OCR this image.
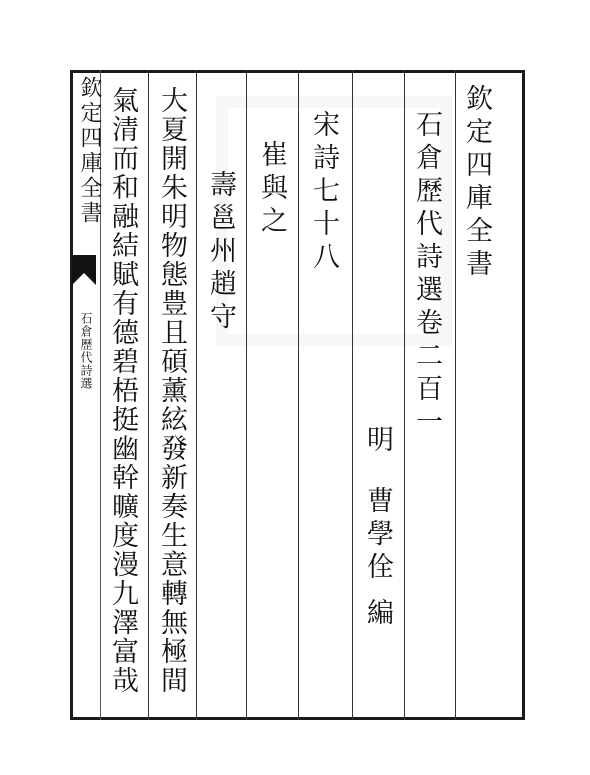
欽定四庫全書
石倉歷代詩選
欽定四庫全書
石倉歷代詩選卷二百一
明
曹學佺
編
宋詩七十八
崔與之
壽邕州趙守
大夏開朱明物態豊且碩薰絃發新奏生意轉無極間
氣清而和融結賦有德碧梧挺幽幹曠度漫九澤富哉
